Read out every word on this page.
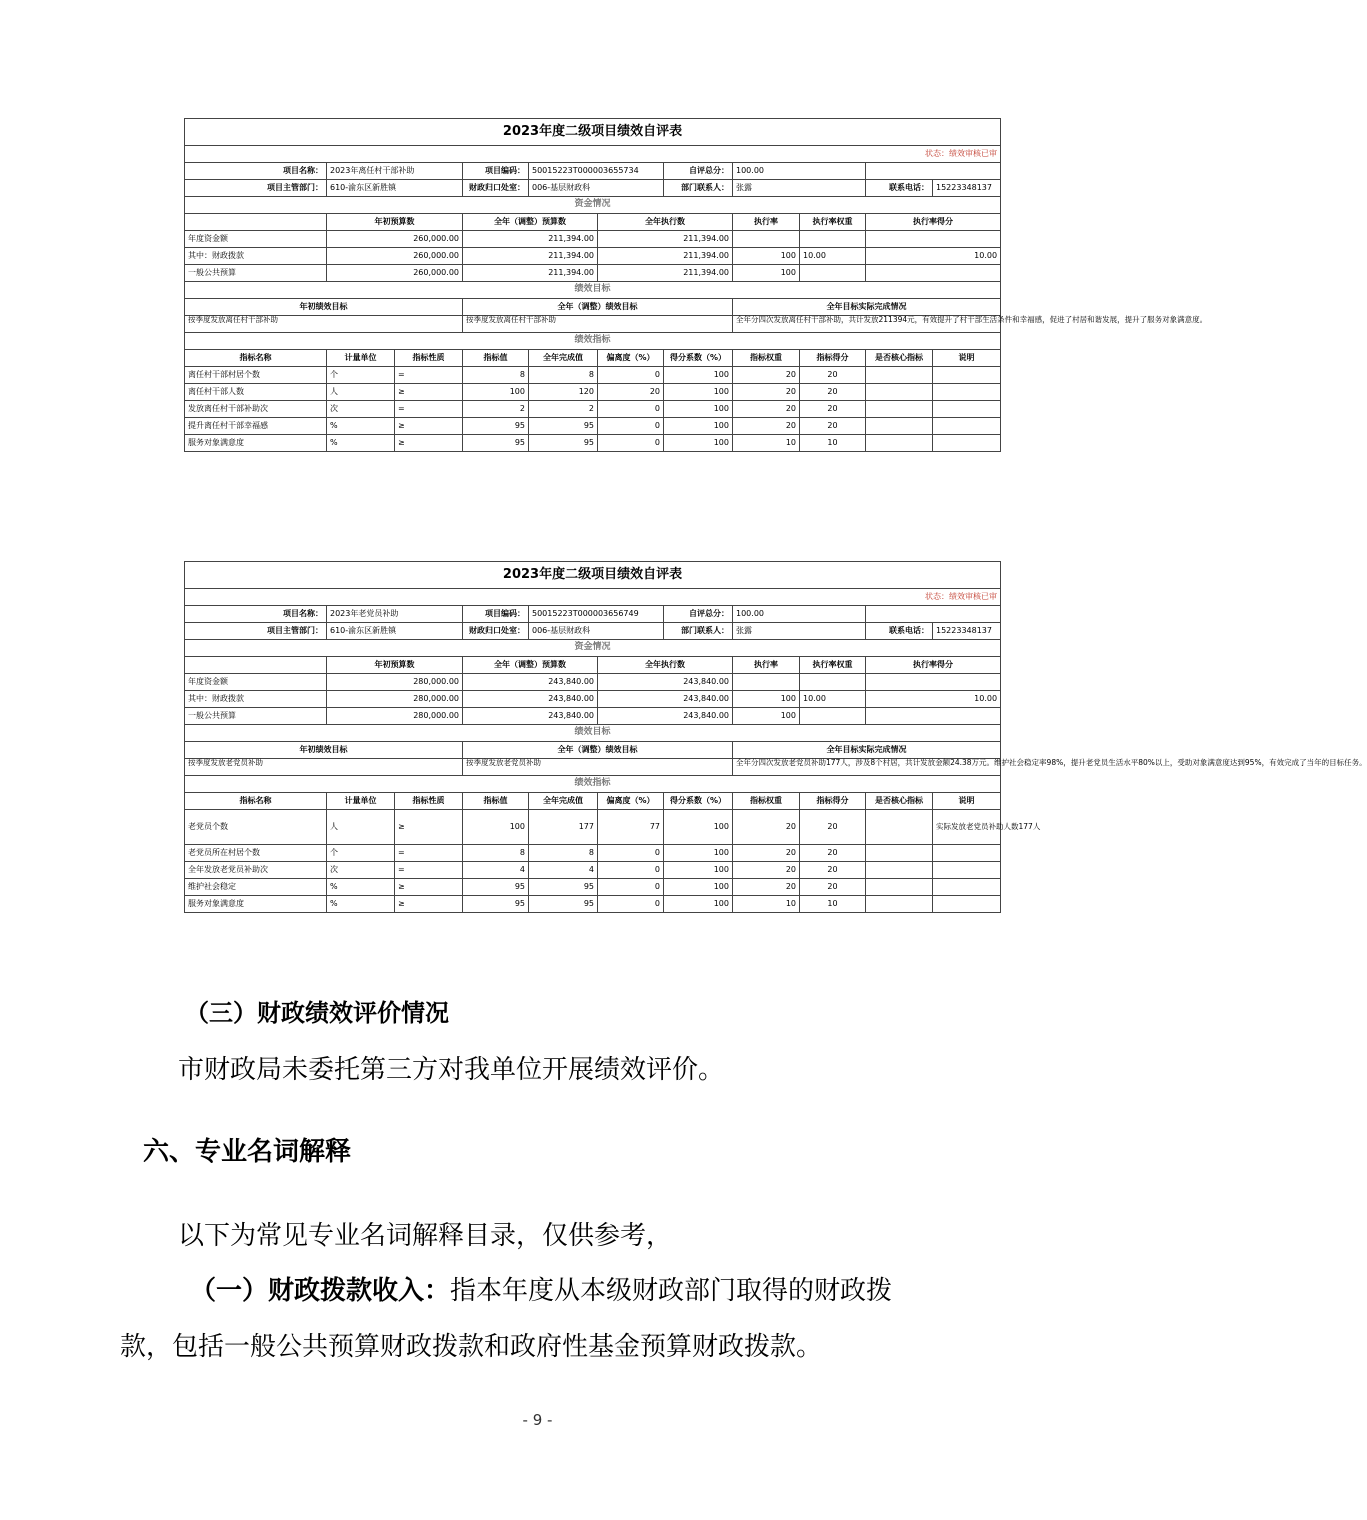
2023年度二级项目绩效自评表										
状态：绩效审核已审										
项目名称：	2023年离任村干部补助		项目编码：	50015223T000003655734		自评总分：	100.00			
项目主管部门：	610-渝东区新胜镇		财政归口处室：	006-基层财政科		部门联系人：	张露		联系电话：	15223348137
资金情况										
	年初预算数		全年（调整）预算数		全年执行数		执行率	执行率权重	执行率得分	
年度资金额	260,000.00		211,394.00		211,394.00					
其中：财政拨款	260,000.00		211,394.00		211,394.00		100	10.00	10.00	
一般公共预算	260,000.00		211,394.00		211,394.00		100			
绩效目标										
年初绩效目标			全年（调整）绩效目标				全年目标实际完成情况			
按季度发放离任村干部补助			按季度发放离任村干部补助				全年分四次发放离任村干部补助，共计发放211394元，有效提升了村干部生活条件和幸福感，促进了村居和谐发展，提升了服务对象满意度。			
绩效指标										
指标名称	计量单位	指标性质	指标值	全年完成值	偏离度（%）	得分系数（%）	指标权重	指标得分	是否核心指标	说明
离任村干部村居个数	个	=	8	8	0	100	20	20		
离任村干部人数	人	≥	100	120	20	100	20	20		
发放离任村干部补助次	次	=	2	2	0	100	20	20		
提升离任村干部幸福感	%	≥	95	95	0	100	20	20		
服务对象满意度	%	≥	95	95	0	100	10	10		
2023年度二级项目绩效自评表										
状态：绩效审核已审										
项目名称：	2023年老党员补助		项目编码：	50015223T000003656749		自评总分：	100.00			
项目主管部门：	610-渝东区新胜镇		财政归口处室：	006-基层财政科		部门联系人：	张露		联系电话：	15223348137
资金情况										
	年初预算数		全年（调整）预算数		全年执行数		执行率	执行率权重	执行率得分	
年度资金额	280,000.00		243,840.00		243,840.00					
其中：财政拨款	280,000.00		243,840.00		243,840.00		100	10.00	10.00	
一般公共预算	280,000.00		243,840.00		243,840.00		100			
绩效目标										
年初绩效目标			全年（调整）绩效目标				全年目标实际完成情况			
按季度发放老党员补助			按季度发放老党员补助				全年分四次发放老党员补助177人，涉及8个村居，共计发放金额24.38万元。维护社会稳定率98%，提升老党员生活水平80%以上，受助对象满意度达到95%，有效完成了当年的目标任务。			
绩效指标										
指标名称	计量单位	指标性质	指标值	全年完成值	偏离度（%）	得分系数（%）	指标权重	指标得分	是否核心指标	说明
老党员个数	人	≥	100	177	77	100	20	20		实际发放老党员补助人数177人
老党员所在村居个数	个	=	8	8	0	100	20	20		
全年发放老党员补助次	次	=	4	4	0	100	20	20		
维护社会稳定	%	≥	95	95	0	100	20	20		
服务对象满意度	%	≥	95	95	0	100	10	10		
（三）财政绩效评价情况
市财政局未委托第三方对我单位开展绩效评价。
六、专业名词解释
以下为常见专业名词解释目录，仅供参考，
（一）财政拨款收入：指本年度从本级财政部门取得的财政拨
款，包括一般公共预算财政拨款和政府性基金预算财政拨款。
- 9 -
